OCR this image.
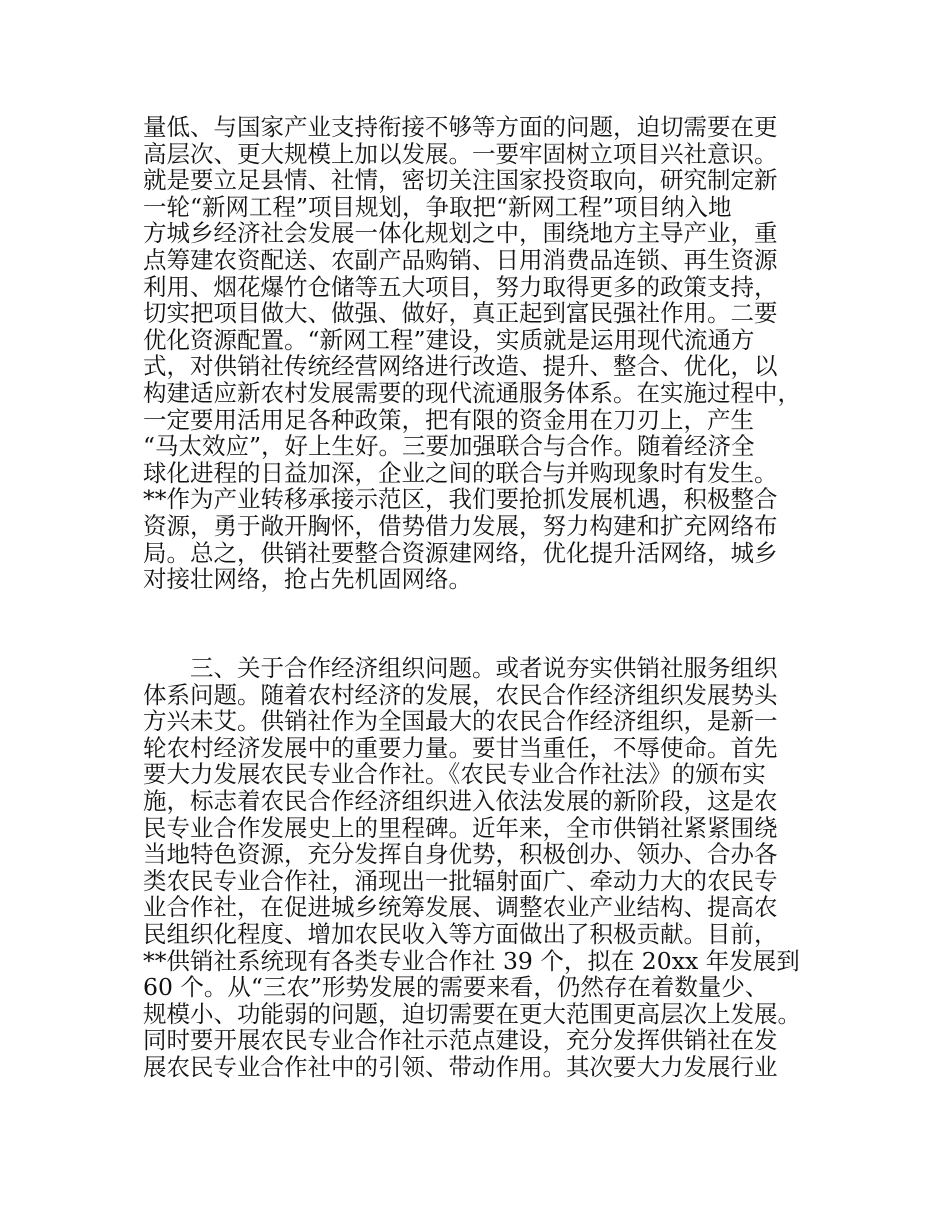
量低、与国家产业支持衔接不够等方面的问题，迫切需要在更
高层次、更大规模上加以发展。一要牢固树立项目兴社意识。
就是要立足县情、社情，密切关注国家投资取向，研究制定新
一轮“新网工程”项目规划，争取把“新网工程”项目纳入地
方城乡经济社会发展一体化规划之中，围绕地方主导产业，重
点筹建农资配送、农副产品购销、日用消费品连锁、再生资源
利用、烟花爆竹仓储等五大项目，努力取得更多的政策支持，
切实把项目做大、做强、做好，真正起到富民强社作用。二要
优化资源配置。“新网工程”建设，实质就是运用现代流通方
式，对供销社传统经营网络进行改造、提升、整合、优化，以
构建适应新农村发展需要的现代流通服务体系。在实施过程中，
一定要用活用足各种政策，把有限的资金用在刀刃上，产生
“马太效应”，好上生好。三要加强联合与合作。随着经济全
球化进程的日益加深，企业之间的联合与并购现象时有发生。
**作为产业转移承接示范区，我们要抢抓发展机遇，积极整合
资源，勇于敞开胸怀，借势借力发展，努力构建和扩充网络布
局。总之，供销社要整合资源建网络，优化提升活网络，城乡
对接壮网络，抢占先机固网络。
　　三、关于合作经济组织问题。或者说夯实供销社服务组织
体系问题。随着农村经济的发展，农民合作经济组织发展势头
方兴未艾。供销社作为全国最大的农民合作经济组织，是新一
轮农村经济发展中的重要力量。要甘当重任，不辱使命。首先
要大力发展农民专业合作社。《农民专业合作社法》的颁布实
施，标志着农民合作经济组织进入依法发展的新阶段，这是农
民专业合作发展史上的里程碑。近年来，全市供销社紧紧围绕
当地特色资源，充分发挥自身优势，积极创办、领办、合办各
类农民专业合作社，涌现出一批辐射面广、牵动力大的农民专
业合作社，在促进城乡统筹发展、调整农业产业结构、提高农
民组织化程度、增加农民收入等方面做出了积极贡献。目前，
**供销社系统现有各类专业合作社 39 个，拟在 20xx 年发展到
60 个。从“三农”形势发展的需要来看，仍然存在着数量少、
规模小、功能弱的问题，迫切需要在更大范围更高层次上发展。
同时要开展农民专业合作社示范点建设，充分发挥供销社在发
展农民专业合作社中的引领、带动作用。其次要大力发展行业
